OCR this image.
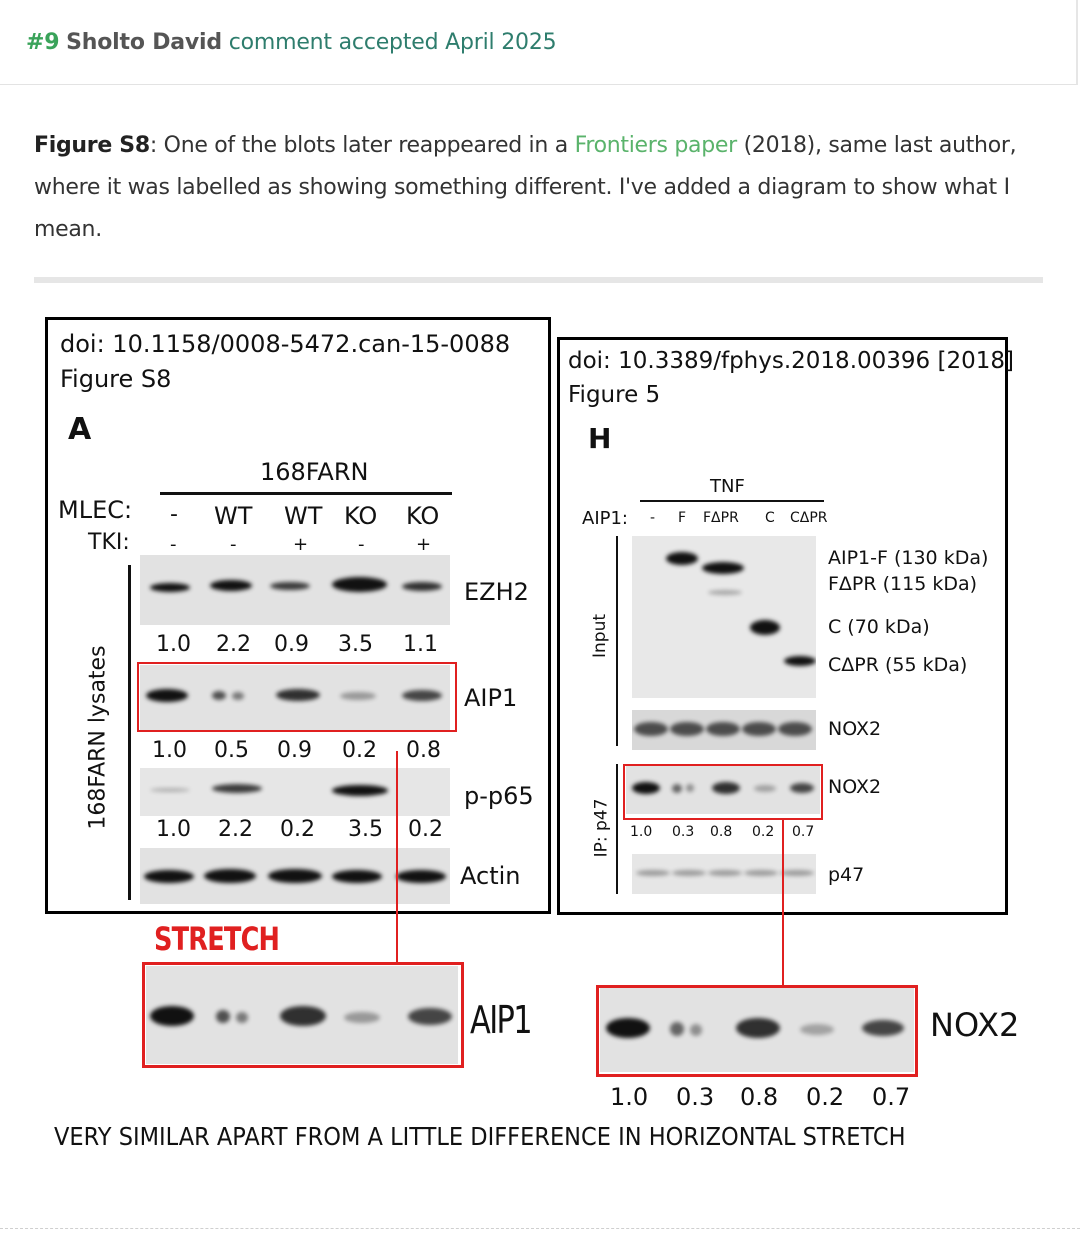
#9 Sholto David comment accepted April 2025
Figure S8: One of the blots later reappeared in a Frontiers paper (2018), same last author, where it was labelled as showing something different. I've added a diagram to show what I mean.
doi: 10.1158/0008-5472.can-15-0088
Figure S8
A
168FARN
MLEC: - WT WT KO KO
TKI: -	-	+	-	+
168FARN lysates
EZH2
1.0 2.2 0.9 3.5 1.1
AIP1
1.0 0.5 0.9 0.2 0.8
p-p65
1.0 2.2 0.2 3.5 0.2
Actin
doi: 10.3389/fphys.2018.00396 [2018]
Figure 5
H
TNF
AIP1: - F FΔPR C CΔPR
Input
AIP1-F (130 kDa)
FΔPR (115 kDa)
C (70 kDa)
CΔPR (55 kDa)
NOX2
IP: p47
NOX2
1.0 0.3 0.8 0.2 0.7
p47
STRETCH
AIP1	NOX2
1.0 0.3 0.8 0.2 0.7
VERY SIMILAR APART FROM A LITTLE DIFFERENCE IN HORIZONTAL STRETCH
